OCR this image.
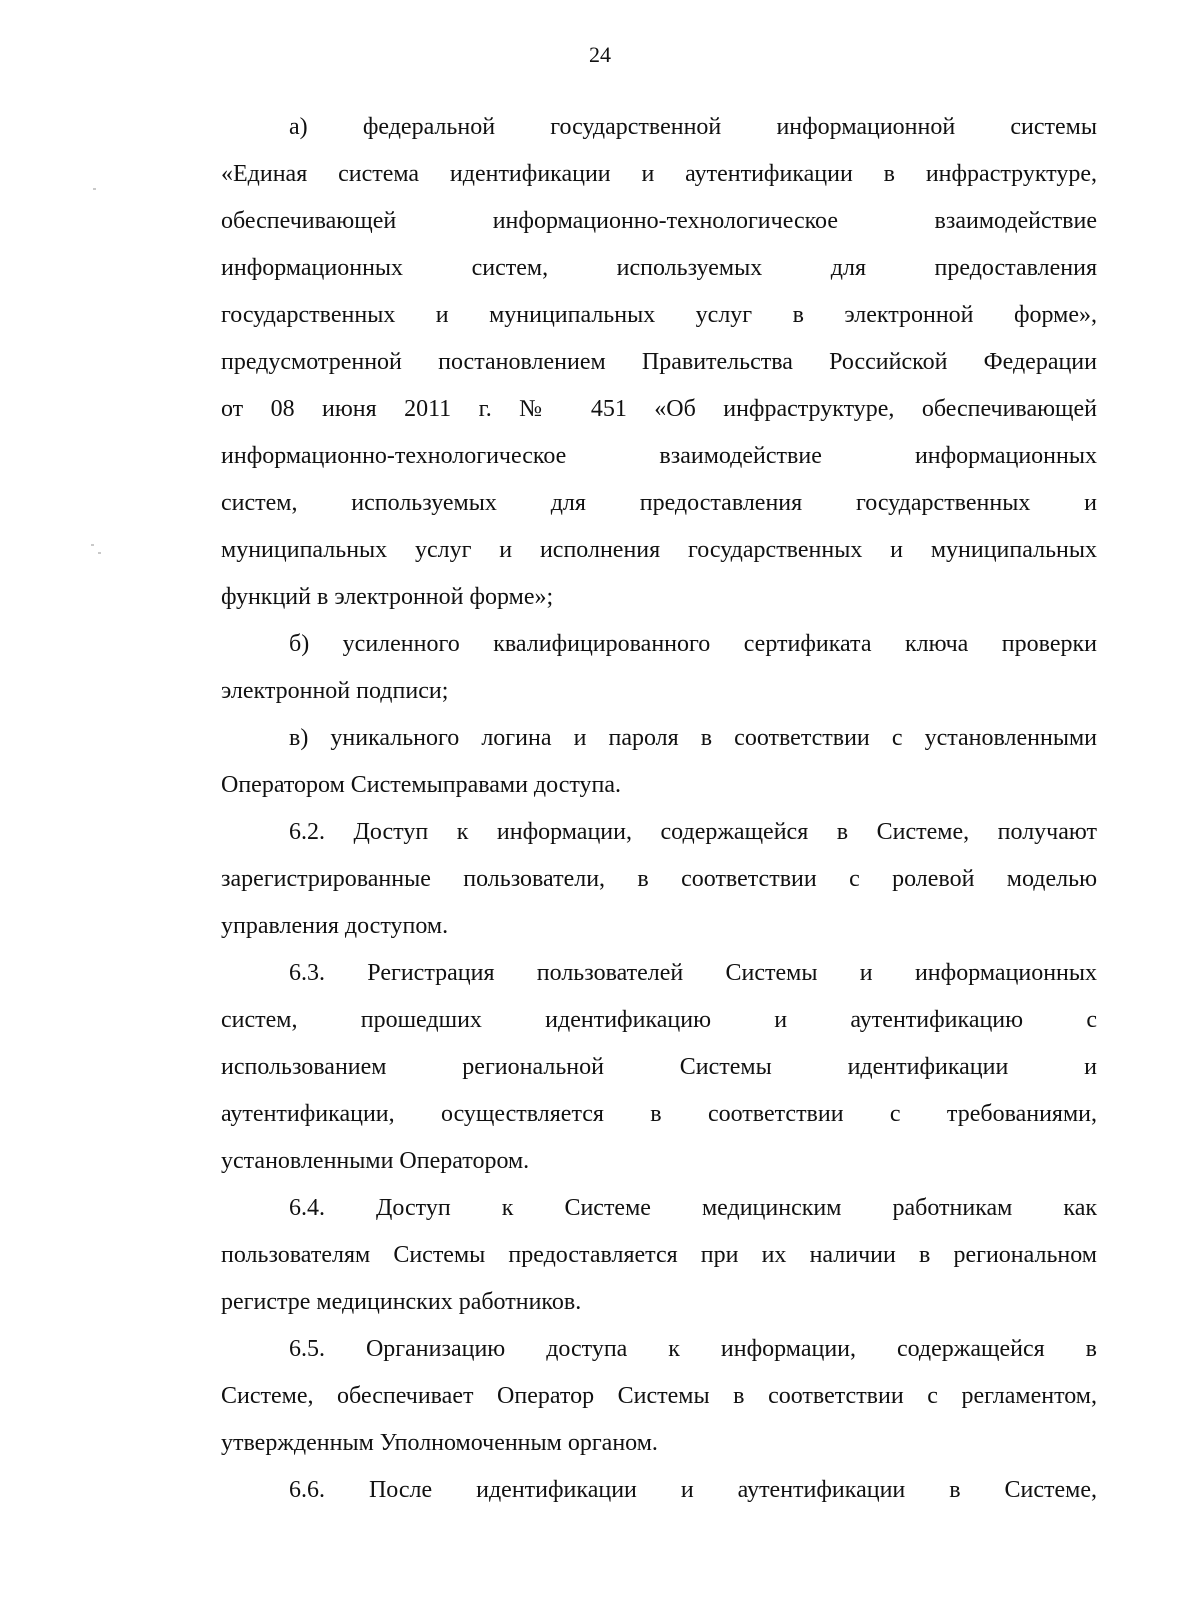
24

а) федеральной государственной информационной системы
«Единая система идентификации и аутентификации в инфраструктуре,
обеспечивающей информационно-технологическое взаимодействие
информационных систем, используемых для предоставления
государственных и муниципальных услуг в электронной форме»,
предусмотренной постановлением Правительства Российской Федерации
от 08 июня 2011 г. № 451 «Об инфраструктуре, обеспечивающей
информационно-технологическое взаимодействие информационных
систем, используемых для предоставления государственных и
муниципальных услуг и исполнения государственных и муниципальных
функций в электронной форме»;

б) усиленного квалифицированного сертификата ключа проверки
электронной подписи;

в) уникального логина и пароля в соответствии с установленными
Оператором Системыправами доступа.

6.2. Доступ к информации, содержащейся в Системе, получают
зарегистрированные пользователи, в соответствии с ролевой моделью
управления доступом.

6.3. Регистрация пользователей Системы и информационных
систем, прошедших идентификацию и аутентификацию с
использованием региональной Системы идентификации и
аутентификации, осуществляется в соответствии с требованиями,
установленными Оператором.

6.4. Доступ к Системе медицинским работникам как
пользователям Системы предоставляется при их наличии в региональном
регистре медицинских работников.

6.5. Организацию доступа к информации, содержащейся в
Системе, обеспечивает Оператор Системы в соответствии с регламентом,
утвержденным Уполномоченным органом.

6.6. После идентификации и аутентификации в Системе,
